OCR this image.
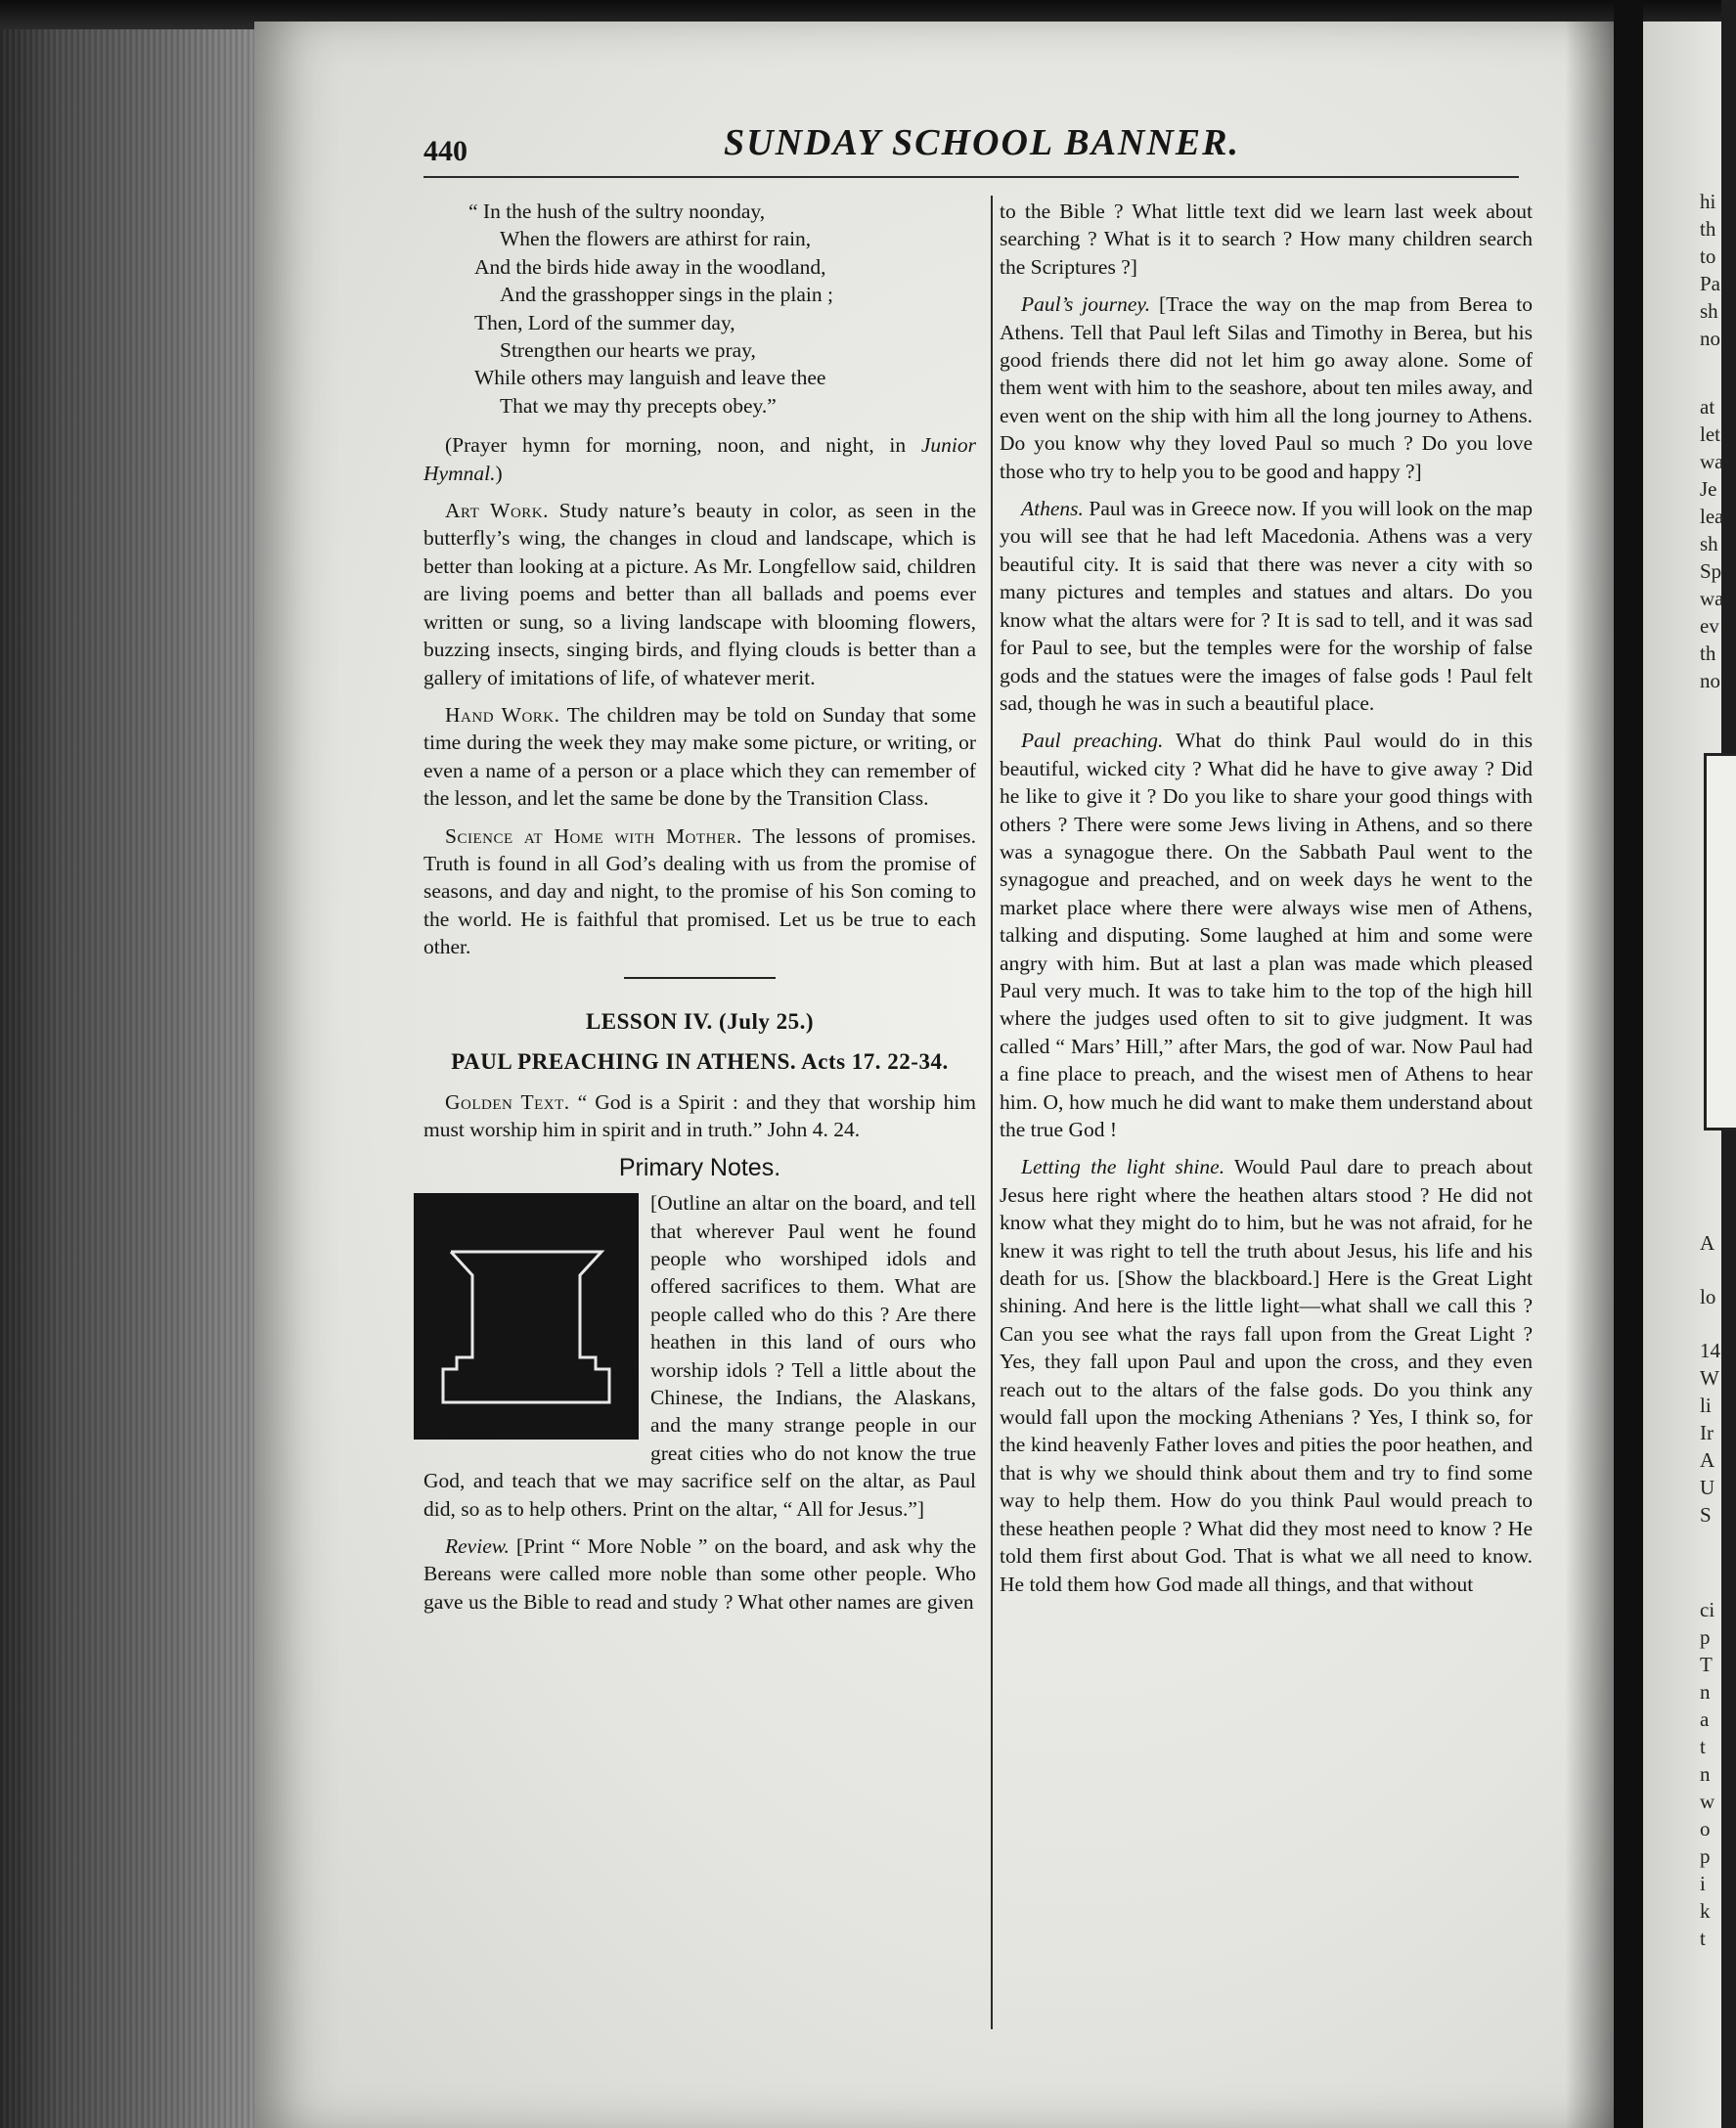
hi
th
to
Pa
sh
no
at
let
wa
Je
lea
sh
Sp
wa
ev
th
no
A
lo
14
W
li
Ir
A
U
S
ci
p
T
n
a
t
n
w
o
p
i
k
t
440	SUNDAY SCHOOL BANNER.
“ In the hush of the sultry noonday,
When the flowers are athirst for rain,
And the birds hide away in the woodland,
And the grasshopper sings in the plain ;
Then, Lord of the summer day,
Strengthen our hearts we pray,
While others may languish and leave thee
That we may thy precepts obey.”

(Prayer hymn for morning, noon, and night, in Junior Hymnal.)

Art Work. Study nature’s beauty in color, as seen in the butterfly’s wing, the changes in cloud and landscape, which is better than looking at a picture. As Mr. Longfellow said, children are living poems and better than all ballads and poems ever written or sung, so a living landscape with blooming flowers, buzzing insects, singing birds, and flying clouds is better than a gallery of imitations of life, of whatever merit.

Hand Work. The children may be told on Sunday that some time during the week they may make some picture, or writing, or even a name of a person or a place which they can remember of the lesson, and let the same be done by the Transition Class.

Science at Home with Mother. The lessons of promises. Truth is found in all God’s dealing with us from the promise of seasons, and day and night, to the promise of his Son coming to the world. He is faithful that promised. Let us be true to each other.

LESSON IV. (July 25.)
PAUL PREACHING IN ATHENS. Acts 17. 22-34.

Golden Text. “ God is a Spirit : and they that worship him must worship him in spirit and in truth.” John 4. 24.

Primary Notes.

[Outline an altar on the board, and tell that wherever Paul went he found people who worshiped idols and offered sacrifices to them. What are people called who do this ? Are there heathen in this land of ours who worship idols ? Tell a little about the Chinese, the Indians, the Alaskans, and the many strange people in our great cities who do not know the true God, and teach that we may sacrifice self on the altar, as Paul did, so as to help others. Print on the altar, “ All for Jesus.”]

Review. [Print “ More Noble ” on the board, and ask why the Bereans were called more noble than some other people. Who gave us the Bible to read and study ? What other names are given

to the Bible ? What little text did we learn last week about searching ? What is it to search ? How many children search the Scriptures ?]

Paul’s journey. [Trace the way on the map from Berea to Athens. Tell that Paul left Silas and Timothy in Berea, but his good friends there did not let him go away alone. Some of them went with him to the seashore, about ten miles away, and even went on the ship with him all the long journey to Athens. Do you know why they loved Paul so much ? Do you love those who try to help you to be good and happy ?]

Athens. Paul was in Greece now. If you will look on the map you will see that he had left Macedonia. Athens was a very beautiful city. It is said that there was never a city with so many pictures and temples and statues and altars. Do you know what the altars were for ? It is sad to tell, and it was sad for Paul to see, but the temples were for the worship of false gods and the statues were the images of false gods ! Paul felt sad, though he was in such a beautiful place.

Paul preaching. What do think Paul would do in this beautiful, wicked city ? What did he have to give away ? Did he like to give it ? Do you like to share your good things with others ? There were some Jews living in Athens, and so there was a synagogue there. On the Sabbath Paul went to the synagogue and preached, and on week days he went to the market place where there were always wise men of Athens, talking and disputing. Some laughed at him and some were angry with him. But at last a plan was made which pleased Paul very much. It was to take him to the top of the high hill where the judges used often to sit to give judgment. It was called “ Mars’ Hill,” after Mars, the god of war. Now Paul had a fine place to preach, and the wisest men of Athens to hear him. O, how much he did want to make them understand about the true God !

Letting the light shine. Would Paul dare to preach about Jesus here right where the heathen altars stood ? He did not know what they might do to him, but he was not afraid, for he knew it was right to tell the truth about Jesus, his life and his death for us. [Show the blackboard.] Here is the Great Light shining. And here is the little light—what shall we call this ? Can you see what the rays fall upon from the Great Light ? Yes, they fall upon Paul and upon the cross, and they even reach out to the altars of the false gods. Do you think any would fall upon the mocking Athenians ? Yes, I think so, for the kind heavenly Father loves and pities the poor heathen, and that is why we should think about them and try to find some way to help them. How do you think Paul would preach to these heathen people ? What did they most need to know ? He told them first about God. That is what we all need to know. He told them how God made all things, and that without
